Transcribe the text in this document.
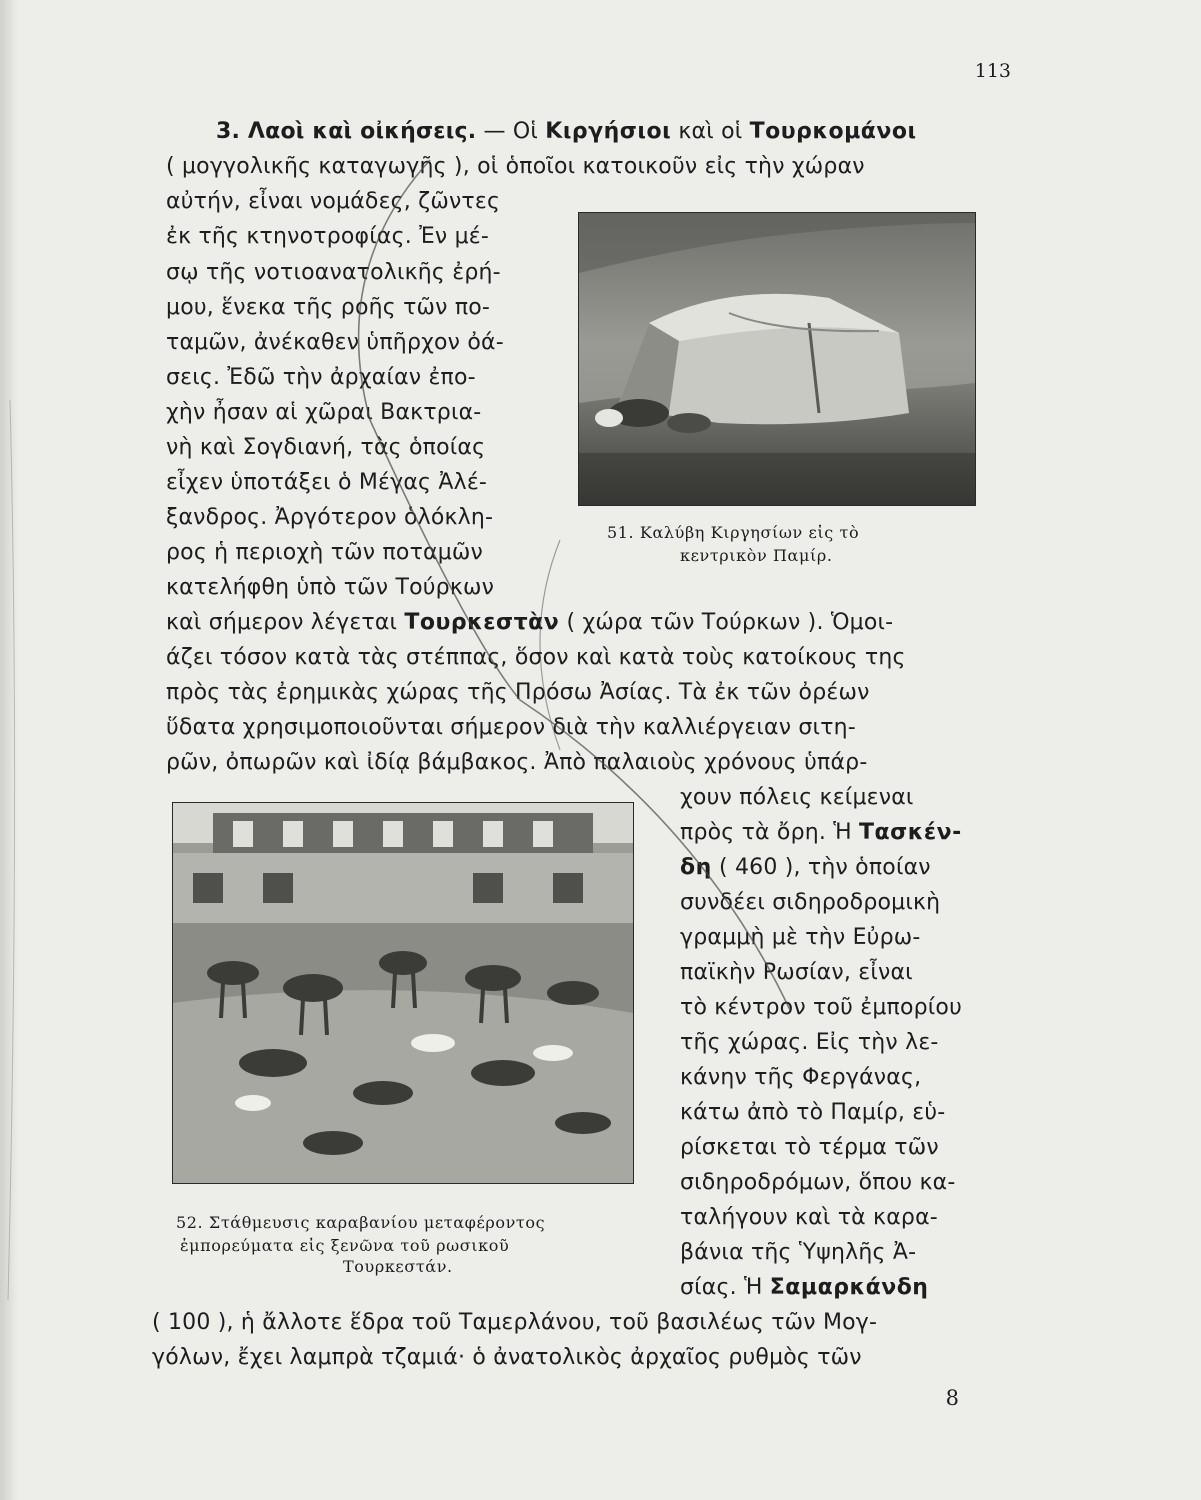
113
3. Λαοὶ καὶ οἰκήσεις. — Οἱ Κιργήσιοι καὶ οἱ Τουρκομάνοι
( μογγολικῆς καταγωγῆς ), οἱ ὁποῖοι κατοικοῦν εἰς τὴν χώραν
αὐτήν, εἶναι νομάδες, ζῶντες
ἐκ τῆς κτηνοτροφίας. Ἐν μέ-
σῳ τῆς νοτιοανατολικῆς ἐρή-
μου, ἕνεκα τῆς ροῆς τῶν πο-
ταμῶν, ἀνέκαθεν ὑπῆρχον ὀά-
σεις. Ἐδῶ τὴν ἀρχαίαν ἐπο-
χὴν ἦσαν αἱ χῶραι Βακτρια-
νὴ καὶ Σογδιανή, τὰς ὁποίας
εἶχεν ὑποτάξει ὁ Μέγας Ἀλέ-
ξανδρος. Ἀργότερον ὁλόκλη-
ρος ἡ περιοχὴ τῶν ποταμῶν
κατελήφθη ὑπὸ τῶν Τούρκων
καὶ σήμερον λέγεται Τουρκεστὰν ( χώρα τῶν Τούρκων ). Ὁμοι-
άζει τόσον κατὰ τὰς στέππας, ὅσον καὶ κατὰ τοὺς κατοίκους της
πρὸς τὰς ἐρημικὰς χώρας τῆς Πρόσω Ἀσίας. Τὰ ἐκ τῶν ὀρέων
ὕδατα χρησιμοποιοῦνται σήμερον διὰ τὴν καλλιέργειαν σιτη-
ρῶν, ὀπωρῶν καὶ ἰδίᾳ βάμβακος. Ἀπὸ παλαιοὺς χρόνους ὑπάρ-
χουν πόλεις κείμεναι
πρὸς τὰ ὄρη. Ἡ Τασκέν-
δη ( 460 ), τὴν ὁποίαν
συνδέει σιδηροδρομικὴ
γραμμὴ μὲ τὴν Εὐρω-
παϊκὴν Ρωσίαν, εἶναι
τὸ κέντρον τοῦ ἐμπορίου
τῆς χώρας. Εἰς τὴν λε-
κάνην τῆς Φεργάνας,
κάτω ἀπὸ τὸ Παμίρ, εὑ-
ρίσκεται τὸ τέρμα τῶν
σιδηροδρόμων, ὅπου κα-
ταλήγουν καὶ τὰ καρα-
βάνια τῆς Ὑψηλῆς Ἀ-
σίας. Ἡ Σαμαρκάνδη
( 100 ), ἡ ἄλλοτε ἕδρα τοῦ Ταμερλάνου, τοῦ βασιλέως τῶν Μογ-
γόλων, ἔχει λαμπρὰ τζαμιά· ὁ ἀνατολικὸς ἀρχαῖος ρυθμὸς τῶν
8
51. Καλύβη Κιργησίων εἰς τὸ
κεντρικὸν Παμίρ.
52. Στάθμευσις καραβανίου μεταφέροντος
ἐμπορεύματα εἰς ξενῶνα τοῦ ρωσικοῦ
Τουρκεστάν.
